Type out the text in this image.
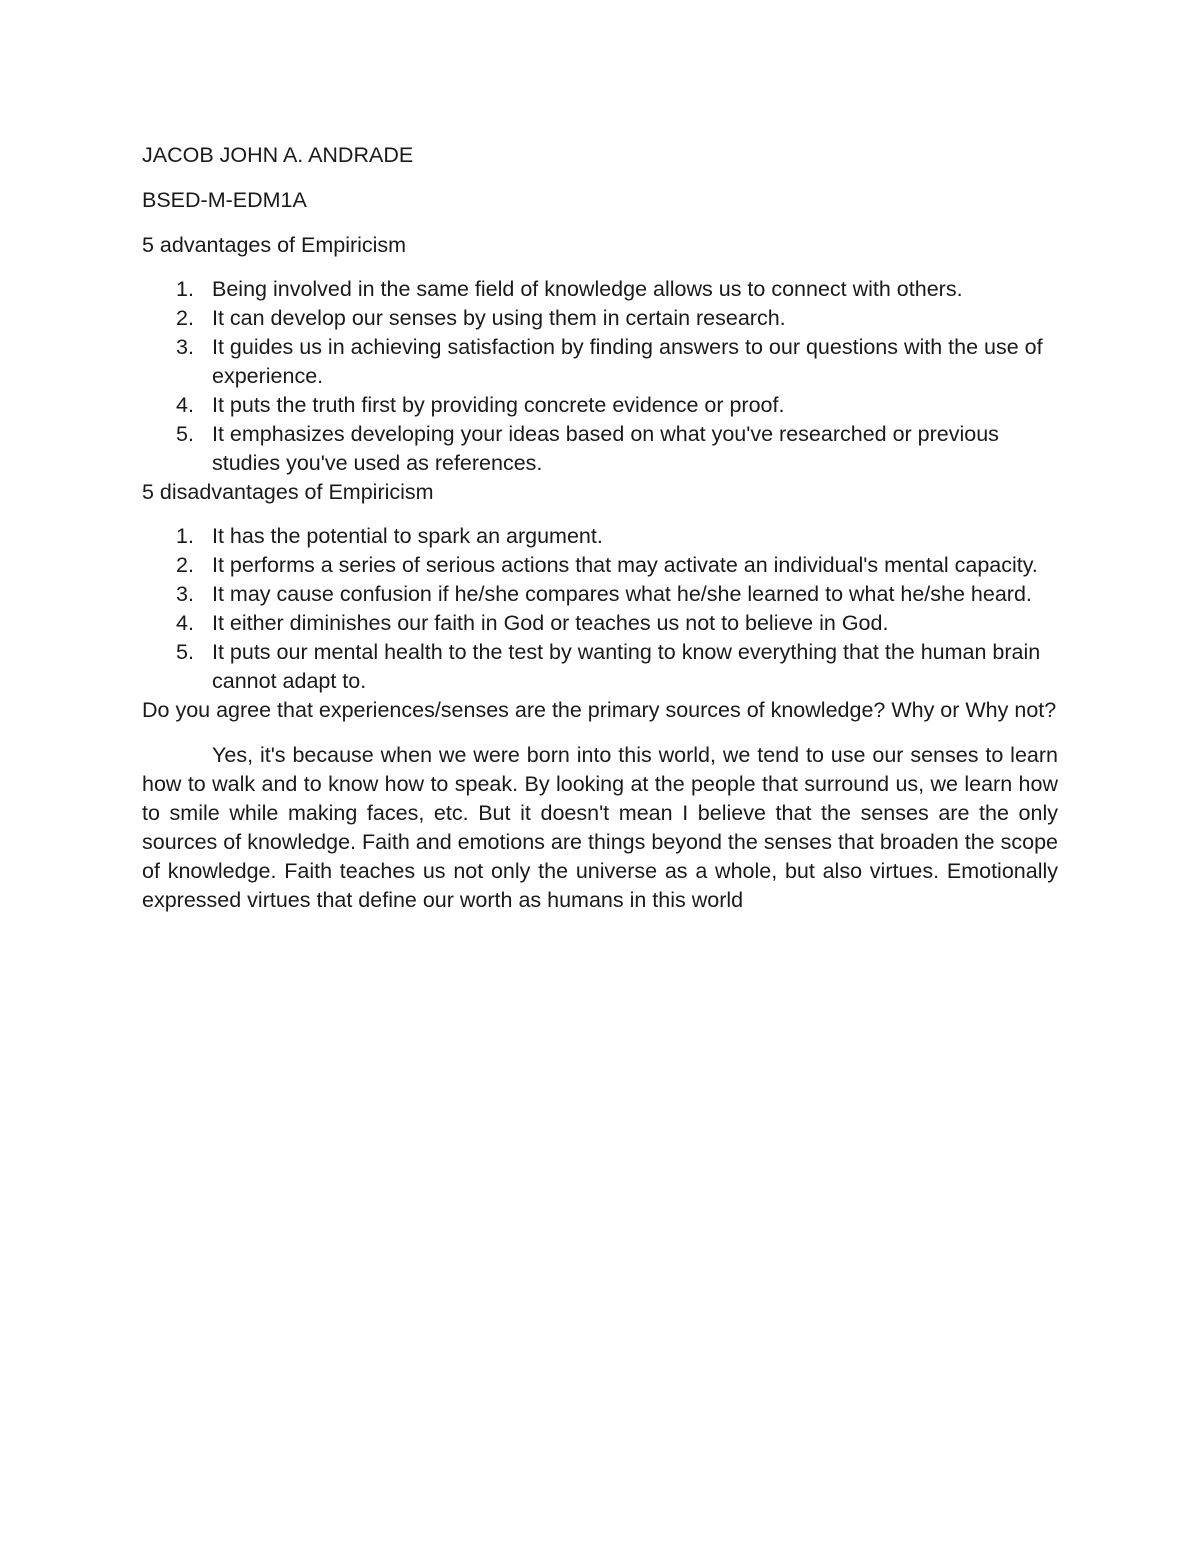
JACOB JOHN A. ANDRADE

BSED-M-EDM1A

5 advantages of Empiricism

1. Being involved in the same field of knowledge allows us to connect with others.
2. It can develop our senses by using them in certain research.
3. It guides us in achieving satisfaction by finding answers to our questions with the use of experience.
4. It puts the truth first by providing concrete evidence or proof.
5. It emphasizes developing your ideas based on what you've researched or previous studies you've used as references.

5 disadvantages of Empiricism

1. It has the potential to spark an argument.
2. It performs a series of serious actions that may activate an individual's mental capacity.
3. It may cause confusion if he/she compares what he/she learned to what he/she heard.
4. It either diminishes our faith in God or teaches us not to believe in God.
5. It puts our mental health to the test by wanting to know everything that the human brain cannot adapt to.

Do you agree that experiences/senses are the primary sources of knowledge? Why or Why not?

Yes, it's because when we were born into this world, we tend to use our senses to learn how to walk and to know how to speak. By looking at the people that surround us, we learn how to smile while making faces, etc. But it doesn't mean I believe that the senses are the only sources of knowledge. Faith and emotions are things beyond the senses that broaden the scope of knowledge. Faith teaches us not only the universe as a whole, but also virtues. Emotionally expressed virtues that define our worth as humans in this world
